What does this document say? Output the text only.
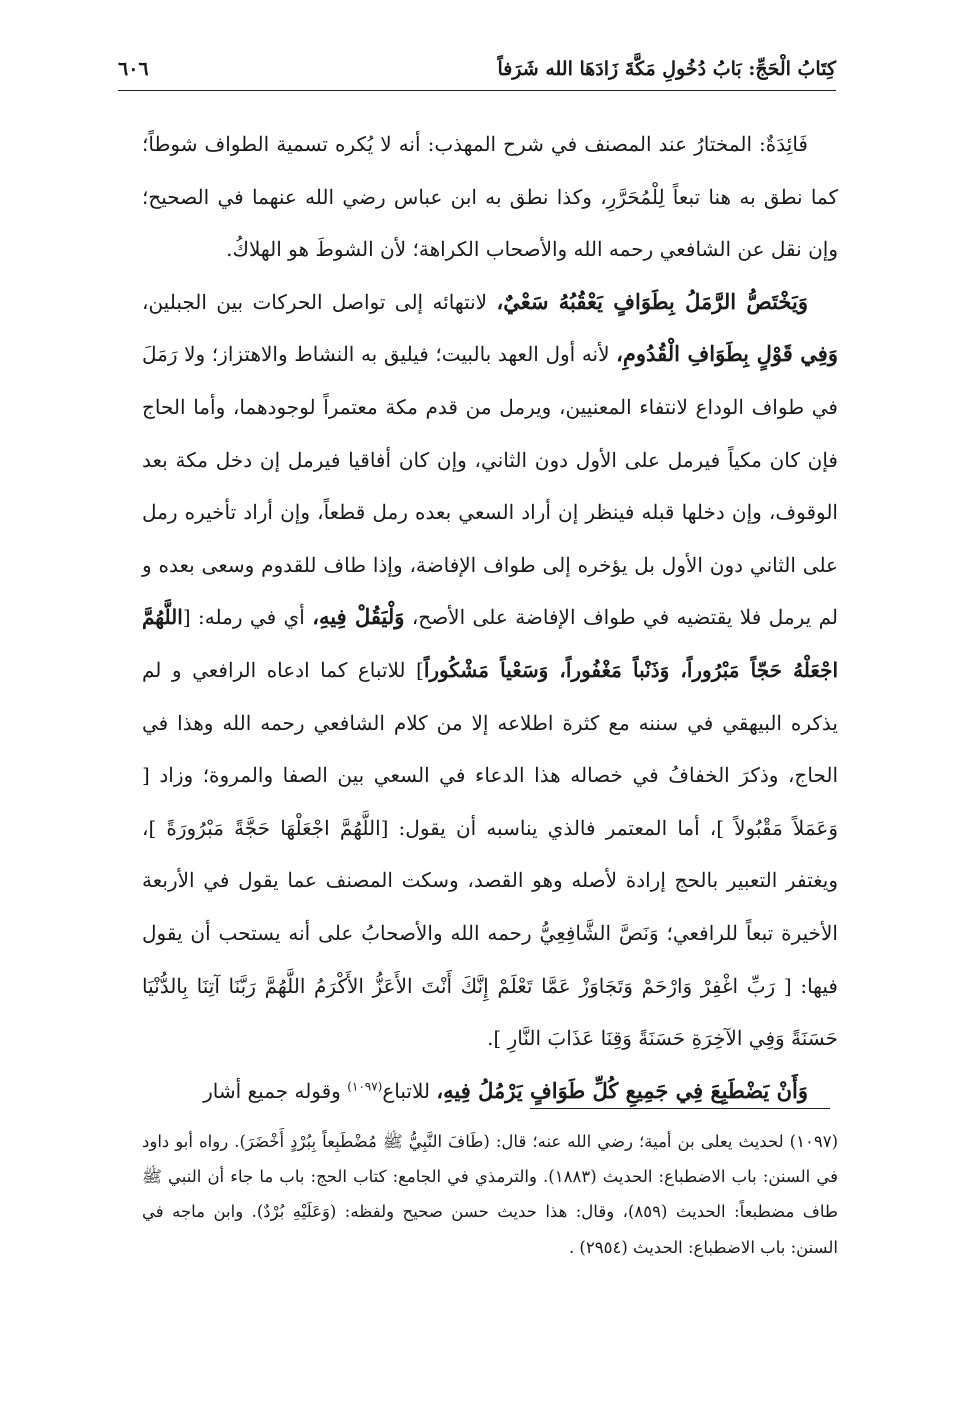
كِتَابُ الْحَجِّ: بَابُ دُخُولِ مَكَّةَ زَادَهَا الله شَرَفاً
٦٠٦

فَائِدَةٌ: المختارُ عند المصنف في شرح المهذب: أنه لا يُكره تسمية الطواف شوطاً؛ كما نطق به هنا تبعاً لِلْمُحَرَّرِ، وكذا نطق به ابن عباس رضي الله عنهما في الصحيح؛ وإن نقل عن الشافعي رحمه الله والأصحاب الكراهة؛ لأن الشوطَ هو الهلاكُ.

وَيَخْتَصُّ الرَّمَلُ بِطَوَافٍ يَعْقُبُهُ سَعْيٌ، لانتهائه إلى تواصل الحركات بين الجبلين، وَفِي قَوْلٍ بِطَوَافِ الْقُدُومِ، لأنه أول العهد بالبيت؛ فيليق به النشاط والاهتزاز؛ ولا رَمَلَ في طواف الوداع لانتفاء المعنيين، ويرمل من قدم مكة معتمراً لوجودهما، وأما الحاج فإن كان مكياً فيرمل على الأول دون الثاني، وإن كان أفاقيا فيرمل إن دخل مكة بعد الوقوف، وإن دخلها قبله فينظر إن أراد السعي بعده رمل قطعاً، وإن أراد تأخيره رمل على الثاني دون الأول بل يؤخره إلى طواف الإفاضة، وإذا طاف للقدوم وسعى بعده و لم يرمل فلا يقتضيه في طواف الإفاضة على الأصح، وَلْيَقُلْ فِيهِ، أي في رمله: [اللَّهُمَّ اجْعَلْهُ حَجّاً مَبْرُوراً، وَذَنْباً مَغْفُوراً، وَسَعْياً مَشْكُوراً] للاتباع كما ادعاه الرافعي و لم يذكره البيهقي في سننه مع كثرة اطلاعه إلا من كلام الشافعي رحمه الله وهذا في الحاج، وذكرَ الخفافُ في خصاله هذا الدعاء في السعي بين الصفا والمروة؛ وزاد [ وَعَمَلاً مَقْبُولاً ]، أما المعتمر فالذي يناسبه أن يقول: [اللَّهُمَّ اجْعَلْهَا حَجَّةً مَبْرُورَةً ]، ويغتفر التعبير بالحج إرادة لأصله وهو القصد، وسكت المصنف عما يقول في الأربعة الأخيرة تبعاً للرافعي؛ وَنَصَّ الشَّافِعِيُّ رحمه الله والأصحابُ على أنه يستحب أن يقول فيها: [ رَبِّ اغْفِرْ وَارْحَمْ وَتَجَاوَزْ عَمَّا تَعْلَمْ إِنَّكَ أَنْتَ الأَعَزُّ الأَكْرَمُ اللَّهُمَّ رَبَّنَا آتِنَا بِالدُّنْيَا حَسَنَةً وَفِي الآخِرَةِ حَسَنَةً وَقِنَا عَذَابَ النَّارِ ].

وَأَنْ يَضْطَبِعَ فِي جَمِيعِ كُلِّ طَوَافٍ يَرْمُلُ فِيهِ، للاتباع$^{(١٠٩٧)}$ وقوله جميع أشار

(١٠٩٧) لحديث يعلى بن أمية؛ رضي الله عنه؛ قال: (طَافَ النَّبِيُّ ﷺ مُضْطَبِعاً بِبُرْدٍ أَخْضَرَ). رواه أبو داود في السنن: باب الاضطباع: الحديث (١٨٨٣). والترمذي في الجامع: كتاب الحج: باب ما جاء أن النبي ﷺ طاف مضطبعاً: الحديث (٨٥٩)، وقال: هذا حديث حسن صحيح ولفظه: (وَعَلَيْهِ بُرْدٌ). وابن ماجه في السنن: باب الاضطباع: الحديث (٢٩٥٤) .
